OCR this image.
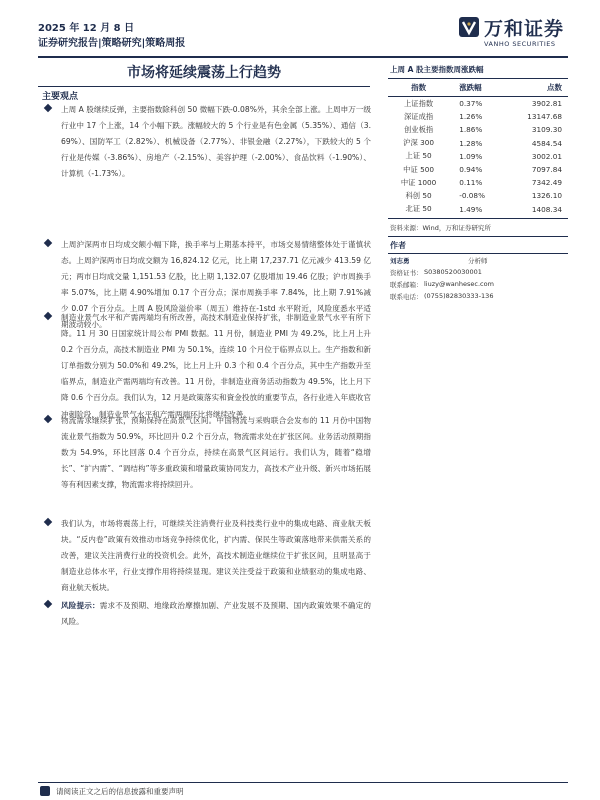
2025 年 12 月 8 日
证券研究报告|策略研究|策略周报
万和证券
VANHO SECURITIES
市场将延续震荡上行趋势
主要观点
上周 A 股继续反弹，主要指数除科创 50 微幅下跌-0.08%外，其余全部上涨。上周申万一级行业中 17 个上涨，14 个小幅下跌。涨幅较大的 5 个行业是有色金属（5.35%）、通信（3.69%）、国防军工（2.82%）、机械设备（2.77%）、非银金融（2.27%），下跌较大的 5 个行业是传媒（-3.86%）、房地产（-2.15%）、美容护理（-2.00%）、食品饮料（-1.90%）、计算机（-1.73%）。
上周沪深两市日均成交额小幅下降，换手率与上期基本持平，市场交易情绪整体处于谨慎状态。上周沪深两市日均成交额为 16,824.12 亿元，比上期 17,237.71 亿元减少 413.59 亿元；两市日均成交量 1,151.53 亿股，比上期 1,132.07 亿股增加 19.46 亿股；沪市周换手率 5.07%，比上期 4.90%增加 0.17 个百分点；深市周换手率 7.84%，比上期 7.91%减少 0.07 个百分点。上周 A 股风险溢价率（周五）维持在-1std 水平附近，风险度悉水平适期波动较小。
制造业景气水平和产需两端均有所改善，高技术制造业保持扩张，非制造业景气水平有所下降。11 月 30 日国家统计局公布 PMI 数据。11 月份，制造业 PMI 为 49.2%，比上月上升 0.2 个百分点，高技术制造业 PMI 为 50.1%，连续 10 个月位于临界点以上。生产指数和新订单指数分别为 50.0%和 49.2%，比上月上升 0.3 个和 0.4 个百分点，其中生产指数升至临界点，制造业产需两端均有改善。11 月份，非制造业商务活动指数为 49.5%，比上月下降 0.6 个百分点。我们认为，12 月是政策落实和資金投放的重要节点，各行业进入年底收官冲刺阶段，制造业景气水平和产需两端环比将继续改善。
物流需求继续扩张，预期保持在高景气区间。中国物流与采购联合会发布的 11 月份中国物流业景气指数为 50.9%，环比回升 0.2 个百分点，物流需求处在扩张区间。业务活动预期指数为 54.9%，环比回落 0.4 个百分点，持续在高景气区间运行。我们认为，随着“稳增长”、“扩内需”、“调结构”等多重政策和增量政策协同发力，高技术产业升级、新兴市场拓展等有利因素支撑，物流需求将持续回升。
我们认为，市场将震荡上行，可继续关注消费行业及科技类行业中的集成电路、商业航天板块。“反内卷”政策有效推动市场竞争持续优化，扩内需、保民生等政策落地带来供需关系的改善，建议关注消费行业的投资机会。此外，高技术制造业继续位于扩张区间，且明显高于制造业总体水平，行业支撑作用将持续显现。建议关注受益于政策和业绩驱动的集成电路、商业航天板块。
风险提示：需求不及预期、地缘政治摩擦加剧、产业发展不及预期、国内政策效果不确定的风险。
上周 A 股主要指数周涨跌幅
指数	涨跌幅	点数
上证指数	0.37%	3902.81
深证成指	1.26%	13147.68
创业板指	1.86%	3109.30
沪深 300	1.28%	4584.54
上证 50	1.09%	3002.01
中证 500	0.94%	7097.84
中证 1000	0.11%	7342.49
科创 50	-0.08%	1326.10
北证 50	1.49%	1408.34
资料来源：Wind，万和证券研究所
作者
刘志勇	分析师
资格证书： S0380520030001
联系邮箱： liuzy@wanhesec.com
联系电话： (0755)82830333-136
请阅读正文之后的信息披露和重要声明
